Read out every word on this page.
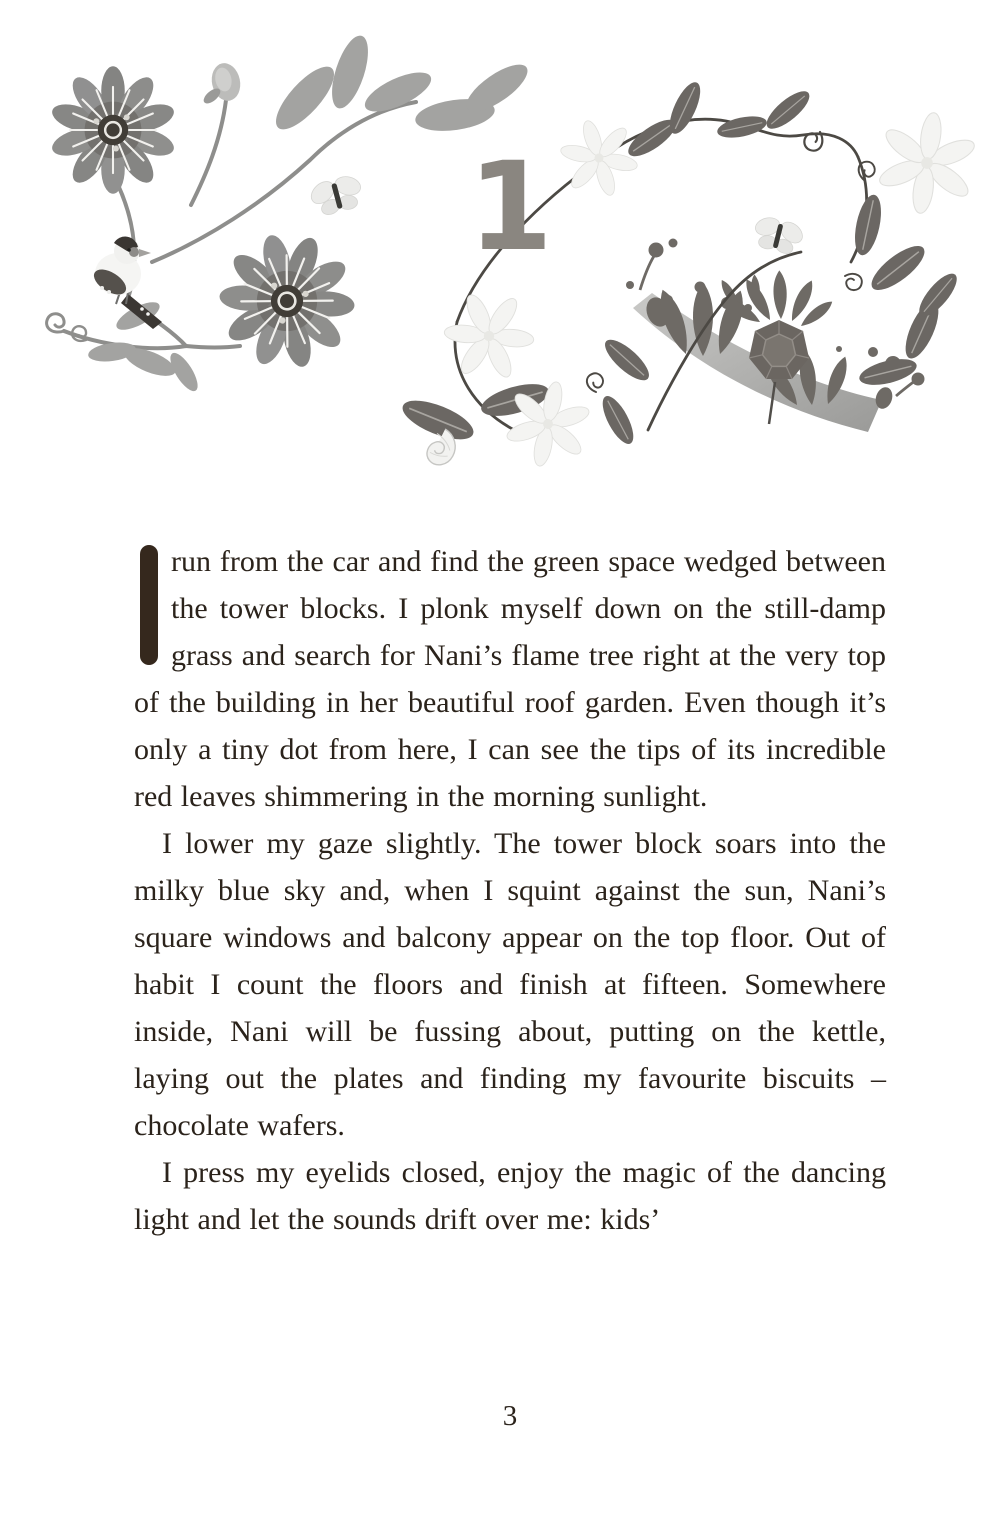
1

run from the car and find the green space wedged between the tower blocks. I plonk myself down on the still-damp grass and search for Nani’s flame tree right at the very top of the building in her beautiful roof garden. Even though it’s only a tiny dot from here, I can see the tips of its incredible red leaves shimmering in the morning sunlight.

I lower my gaze slightly. The tower block soars into the milky blue sky and, when I squint against the sun, Nani’s square windows and balcony appear on the top floor. Out of habit I count the floors and finish at fifteen. Somewhere inside, Nani will be fussing about, putting on the kettle, laying out the plates and finding my favourite biscuits – chocolate wafers.

I press my eyelids closed, enjoy the magic of the dancing light and let the sounds drift over me: kids’

3
